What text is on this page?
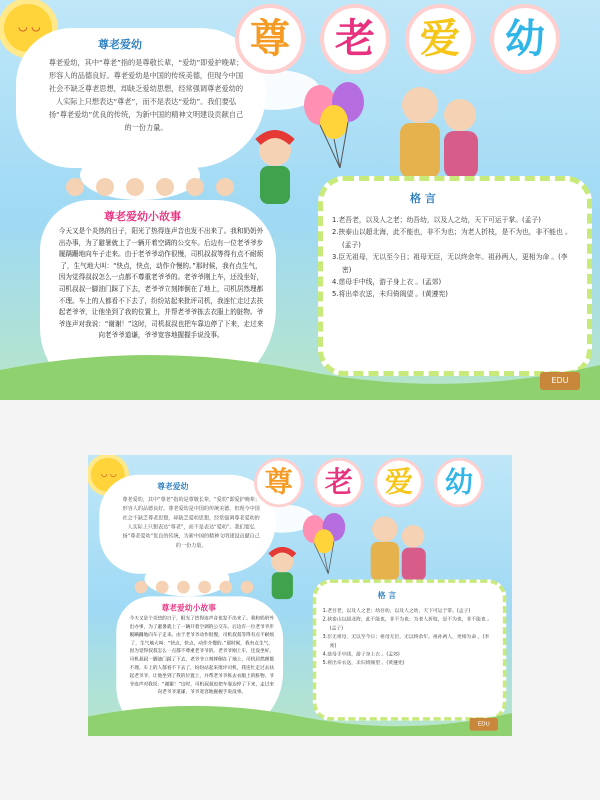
◡ ◡
尊老爱幼
尊老爱幼，其中“尊老”指的是尊敬长辈，“爱幼”即爱护晚辈；形容人的品德良好。尊老爱幼是中国的传统美德，但现今中国社会不缺乏尊老思想，却缺乏爱幼思想，经常强调尊老爱幼的人实际上只想表达“尊老”，而不是表达“爱幼”。我们要弘扬“尊老爱幼”优良的传统，为新中国的精神文明建设贡献自己的一份力量。
尊	老	爱	幼
尊老爱幼小故事
今天又是个炎热的日子，阳光了热得连声音也发不出来了。我和奶奶外出办事，为了避暑就上了一辆开着空调的公交车。后边有一位老爷爷步履蹒跚地向车子走来。由于老爷爷动作很慢，司机叔叔等得有点不耐烦了，生气地大叫：“快点，快点，动作介慢的。”那时候，我有点生气，因为觉得叔叔怎么一点都不尊重老爷爷的。老爷爷刚上车，还没坐好，司机叔叔一脚油门踩了下去，老爷爷立刻摔倒在了地上，司机居然理都不理。车上的人都看不下去了，纷纷站起来批评司机，我连忙走过去扶起老爷爷，让他坐到了我的位置上，并帮老爷爷拣去衣服上的脏物。爷爷连声对我说：“谢谢！”这时，司机叔叔也把车靠边停了下来，走过来向老爷爷道谦，爷爷宽容地握握手说没事。
格 言
1.老吾老，以及人之老；幼吾幼，以及人之幼，天下可运于掌。(孟子)
2.挟泰山以超北海，此不能也，非不为也；为老人折枝，是不为也，非不能也 。(孟子)
3.臣无祖母，无以至今日；祖母无臣，无以终余年。祖孙两人，更相为命 。(李密)
4.慈母手中线，游子身上衣 。(孟郊)
5.将出牵衣送，未归倚阁望 。(黄遵宪)
EDU
◡ ◡
尊老爱幼
尊老爱幼，其中“尊老”指的是尊敬长辈，“爱幼”即爱护晚辈；形容人的品德良好。尊老爱幼是中国的传统美德，但现今中国社会不缺乏尊老思想，却缺乏爱幼思想，经常强调尊老爱幼的人实际上只想表达“尊老”，而不是表达“爱幼”。我们要弘扬“尊老爱幼”优良的传统，为新中国的精神文明建设贡献自己的一份力量。
尊 老 爱 幼
尊老爱幼小故事
今天又是个炎热的日子，阳光了热得连声音也发不出来了。我和奶奶外出办事，为了避暑就上了一辆开着空调的公交车。后边有一位老爷爷步履蹒跚地向车子走来。由于老爷爷动作很慢，司机叔叔等得有点不耐烦了，生气地大叫：“快点，快点，动作介慢的。”那时候，我有点生气，因为觉得叔叔怎么一点都不尊重老爷爷的。老爷爷刚上车，还没坐好，司机叔叔一脚油门踩了下去，老爷爷立刻摔倒在了地上，司机居然理都不理。车上的人都看不下去了，纷纷站起来批评司机，我连忙走过去扶起老爷爷，让他坐到了我的位置上，并帮老爷爷拣去衣服上的脏物。爷爷连声对我说：“谢谢！”这时，司机叔叔也把车靠边停了下来，走过来向老爷爷道谦，爷爷宽容地握握手说没事。
格 言
1.老吾老，以及人之老；幼吾幼，以及人之幼，天下可运于掌。(孟子)
2.挟泰山以超北海，此不能也，非不为也；为老人折枝，是不为也，非不能也 。(孟子)
3.臣无祖母，无以至今日；祖母无臣，无以终余年。祖孙两人，更相为命 。(李密)
4.慈母手中线，游子身上衣 。(孟郊)
5.将出牵衣送，未归倚阁望 。(黄遵宪)
EDU
